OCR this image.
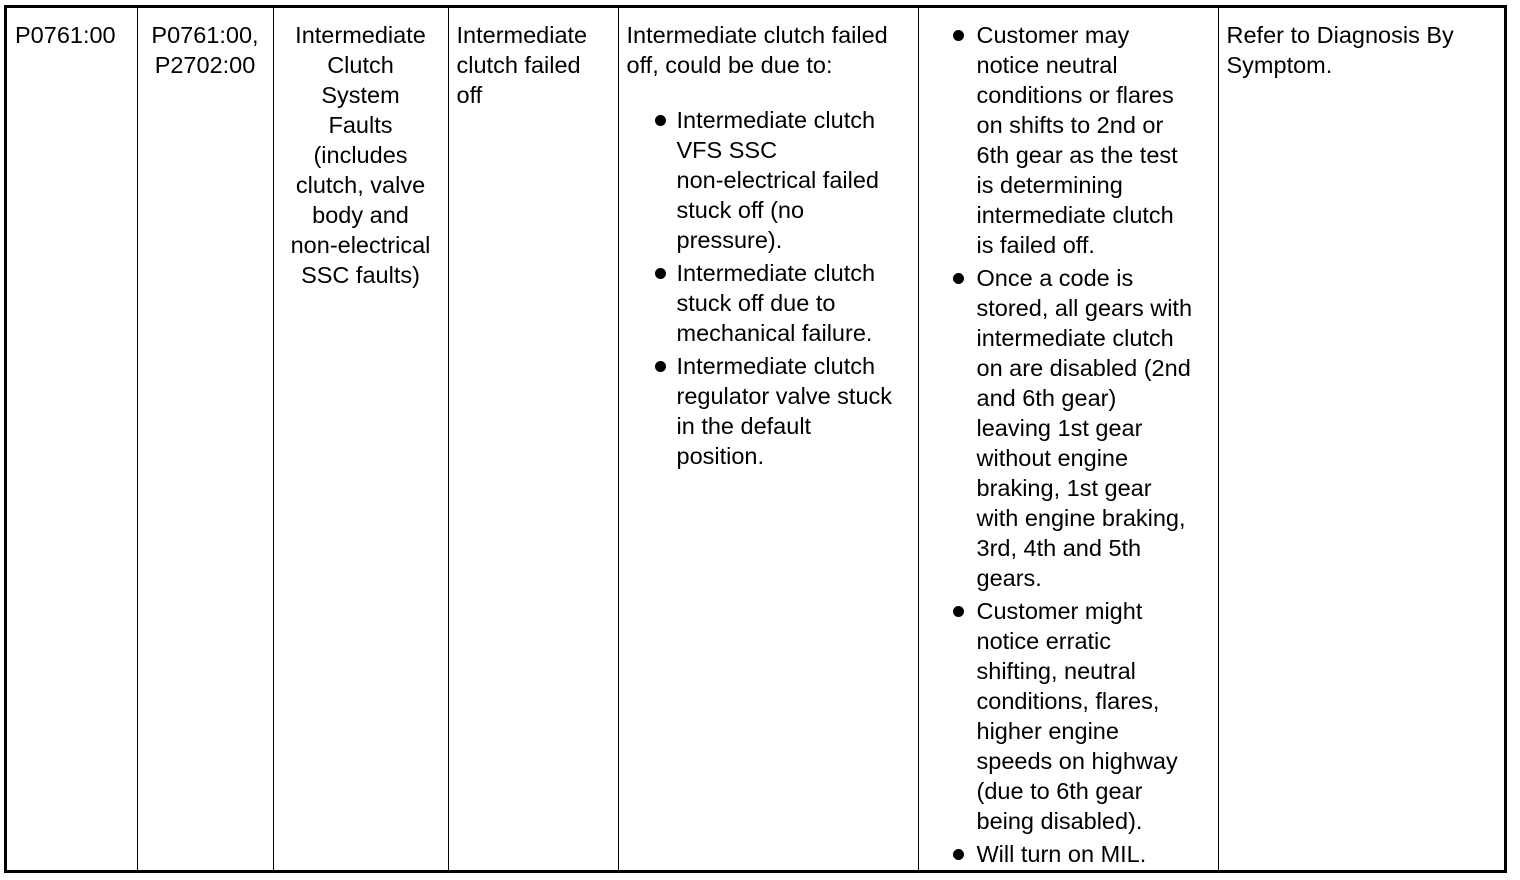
P0761:00	P0761:00,
P2702:00

Intermediate
Clutch
System
Faults
(includes
clutch, valve
body and
non-electrical
SSC faults)

Intermediate
clutch failed
off

Intermediate clutch failed
off, could be due to:
Intermediate clutch
VFS SSC
non-electrical failed
stuck off (no
pressure).
Intermediate clutch
stuck off due to
mechanical failure.
Intermediate clutch
regulator valve stuck
in the default
position.

Customer may
notice neutral
conditions or flares
on shifts to 2nd or
6th gear as the test
is determining
intermediate clutch
is failed off.
Once a code is
stored, all gears with
intermediate clutch
on are disabled (2nd
and 6th gear)
leaving 1st gear
without engine
braking, 1st gear
with engine braking,
3rd, 4th and 5th
gears.
Customer might
notice erratic
shifting, neutral
conditions, flares,
higher engine
speeds on highway
(due to 6th gear
being disabled).
Will turn on MIL.

Refer to Diagnosis By
Symptom.
